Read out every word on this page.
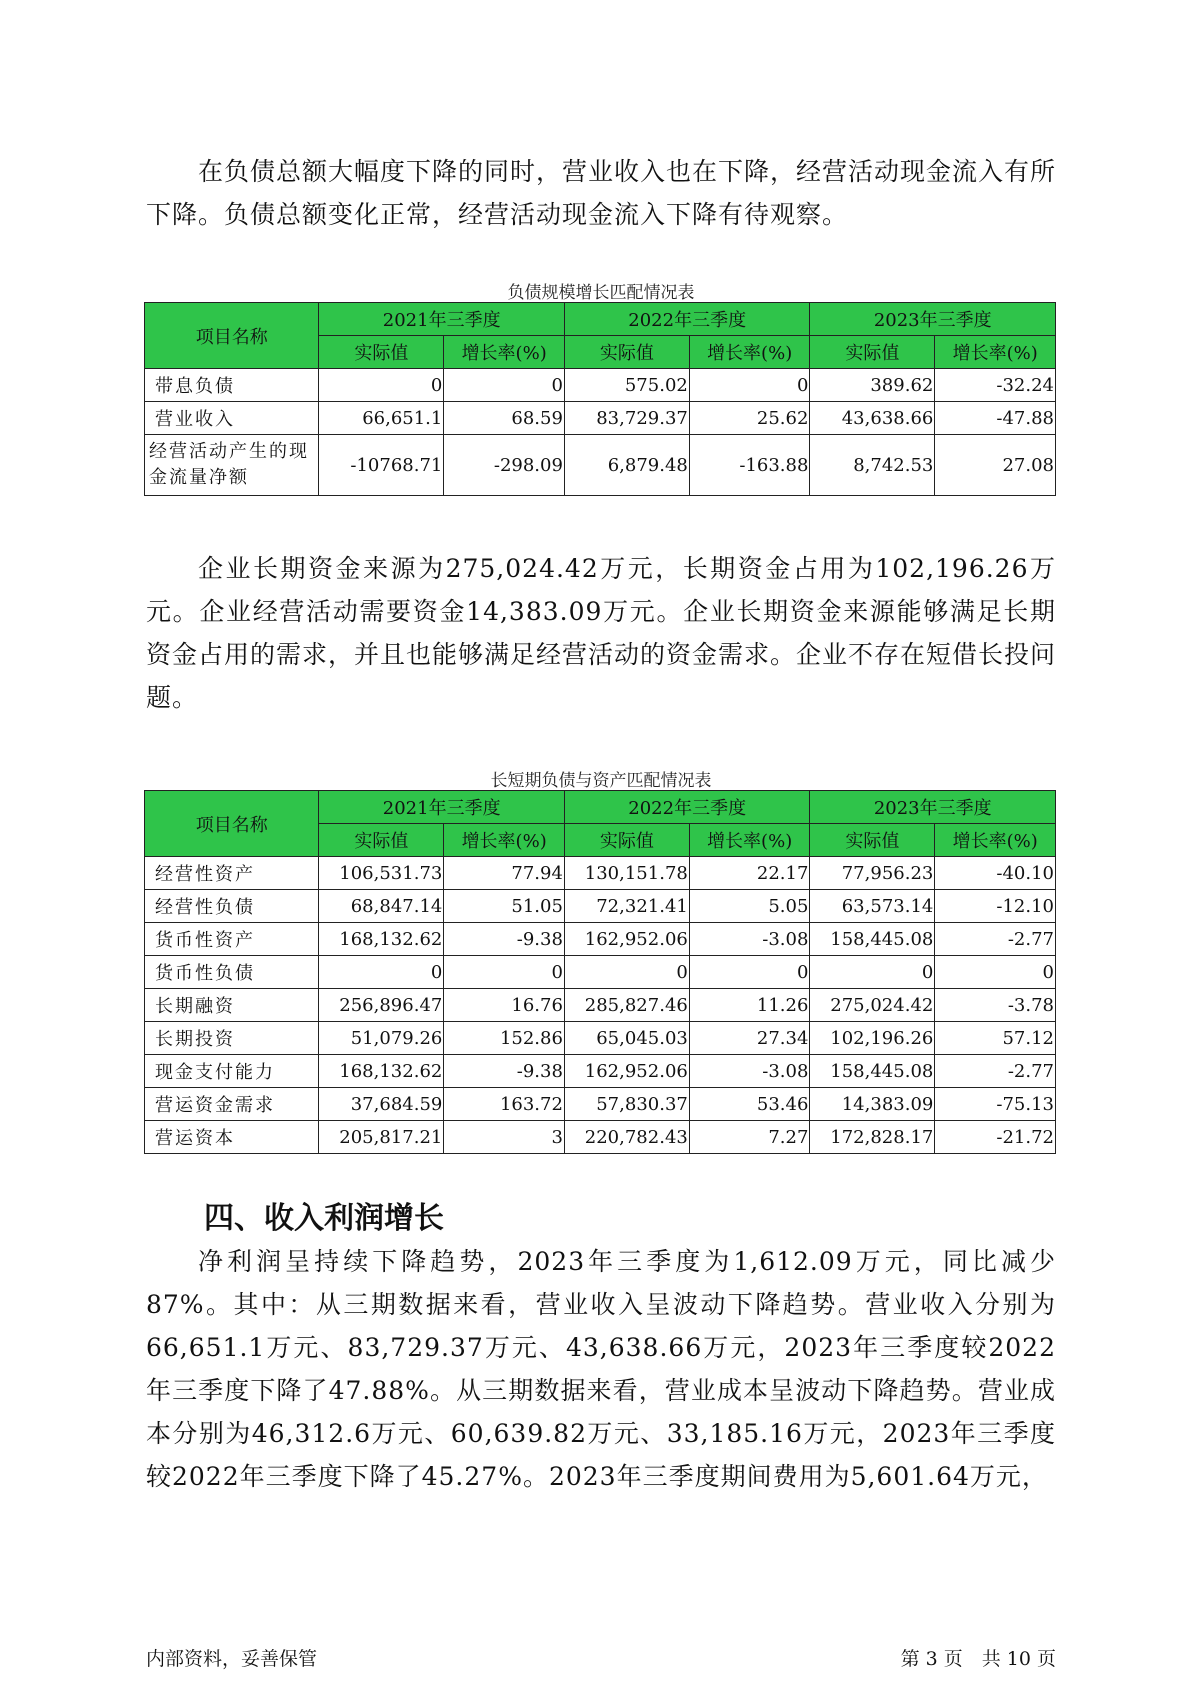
在负债总额大幅度下降的同时，营业收入也在下降，经营活动现金流入有所下降。负债总额变化正常，经营活动现金流入下降有待观察。

负债规模增长匹配情况表
项目名称	2021年三季度		2022年三季度		2023年三季度	
	实际值	增长率(%)	实际值	增长率(%)	实际值	增长率(%)
带息负债	0	0	575.02	0	389.62	-32.24
营业收入	66,651.1	68.59	83,729.37	25.62	43,638.66	-47.88
经营活动产生的现金流量净额	-10768.71	-298.09	6,879.48	-163.88	8,742.53	27.08

企业长期资金来源为275,024.42万元，长期资金占用为102,196.26万元。企业经营活动需要资金14,383.09万元。企业长期资金来源能够满足长期资金占用的需求，并且也能够满足经营活动的资金需求。企业不存在短借长投问题。

长短期负债与资产匹配情况表
项目名称	2021年三季度		2022年三季度		2023年三季度	
	实际值	增长率(%)	实际值	增长率(%)	实际值	增长率(%)
经营性资产	106,531.73	77.94	130,151.78	22.17	77,956.23	-40.10
经营性负债	68,847.14	51.05	72,321.41	5.05	63,573.14	-12.10
货币性资产	168,132.62	-9.38	162,952.06	-3.08	158,445.08	-2.77
货币性负债	0	0	0	0	0	0
长期融资	256,896.47	16.76	285,827.46	11.26	275,024.42	-3.78
长期投资	51,079.26	152.86	65,045.03	27.34	102,196.26	57.12
现金支付能力	168,132.62	-9.38	162,952.06	-3.08	158,445.08	-2.77
营运资金需求	37,684.59	163.72	57,830.37	53.46	14,383.09	-75.13
营运资本	205,817.21	3	220,782.43	7.27	172,828.17	-21.72
四、收入利润增长

净利润呈持续下降趋势，2023年三季度为1,612.09万元，同比减少87%。其中：从三期数据来看，营业收入呈波动下降趋势。营业收入分别为66,651.1万元、83,729.37万元、43,638.66万元，2023年三季度较2022年三季度下降了47.88%。从三期数据来看，营业成本呈波动下降趋势。营业成本分别为46,312.6万元、60,639.82万元、33,185.16万元，2023年三季度较2022年三季度下降了45.27%。2023年三季度期间费用为5,601.64万元，

内部资料，妥善保管	第 3 页　共 10 页
